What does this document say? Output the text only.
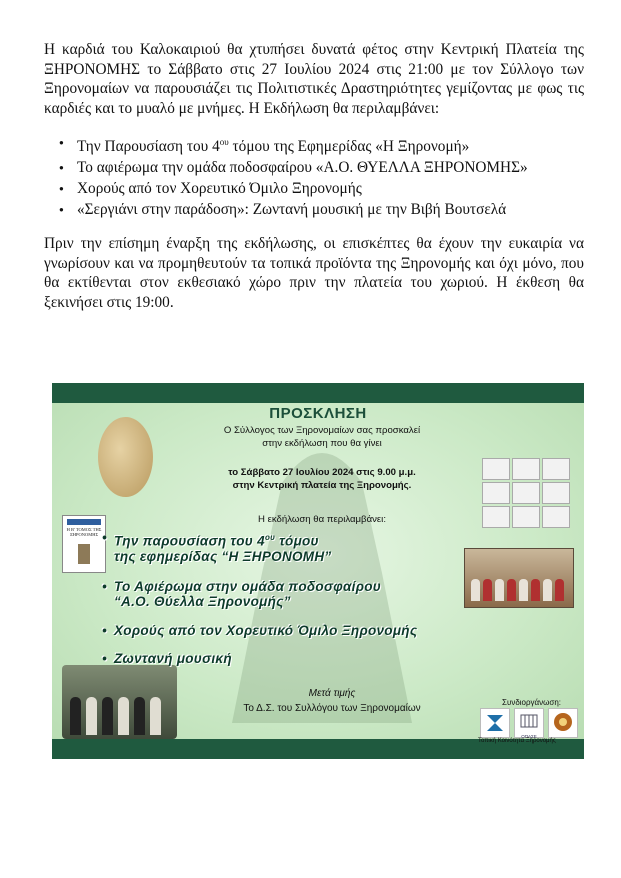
Η καρδιά του Καλοκαιριού θα χτυπήσει δυνατά φέτος στην Κεντρική Πλατεία της ΞΗΡΟΝΟΜΗΣ το Σάββατο στις 27 Ιουλίου 2024 στις 21:00 με τον Σύλλογο των Ξηρονομαίων να παρουσιάζει τις Πολιτιστικές Δραστηριότητες γεμίζοντας με φως τις καρδιές και το μυαλό με μνήμες. Η Εκδήλωση θα περιλαμβάνει:
● Την Παρουσίαση του $4^{o\upsilon}$ τόμου της Εφημερίδας «Η Ξηρονομή»
● Το αφιέρωμα την ομάδα ποδοσφαίρου «Α.Ο. ΘΥΕΛΛΑ ΞΗΡΟΝΟΜΗΣ»
● Χορούς από τον Χορευτικό Όμιλο Ξηρονομής
● «Σεργιάνι στην παράδοση»: Ζωντανή μουσική με την Βιβή Βουτσελά
Πριν την επίσημη έναρξη της εκδήλωσης, οι επισκέπτες θα έχουν την ευκαιρία να γνωρίσουν και να προμηθευτούν τα τοπικά προϊόντα της Ξηρονομής και όχι μόνο, που θα εκτίθενται στον εκθεσιακό χώρο πριν την πλατεία του χωριού. Η έκθεση θα ξεκινήσει στις 19:00.
Η Β' ΤΟΜΟΣ ΤΗΣ ΞΗΡΟΝΟΜΗΣ
ΠΡΟΣΚΛΗΣΗ
Ο Σύλλογος των Ξηρονομαίων σας προσκαλεί
στην εκδήλωση που θα γίνει
το Σάββατο 27 Ιουλίου 2024 στις 9.00 μ.μ.
στην Κεντρική πλατεία της Ξηρονομής.
Η εκδήλωση θα περιλαμβάνει:
• Την παρουσίαση του $4^{o\upsilon}$ τόμου
της εφημερίδας “Η ΞΗΡΟΝΟΜΗ”
• Το Αφιέρωμα στην ομάδα ποδοσφαίρου
“Α.Ο. Θύελλα Ξηρονομής”
• Χορούς από τον Χορευτικό Όμιλο Ξηρονομής
• Ζωντανή μουσική
Μετά τιμής
Το Δ.Σ. του Συλλόγου των Ξηρονομαίων
Συνδιοργάνωση:
ΟΠΑΣΕ
Τοπική Κοινότητα Ξηρονομής
